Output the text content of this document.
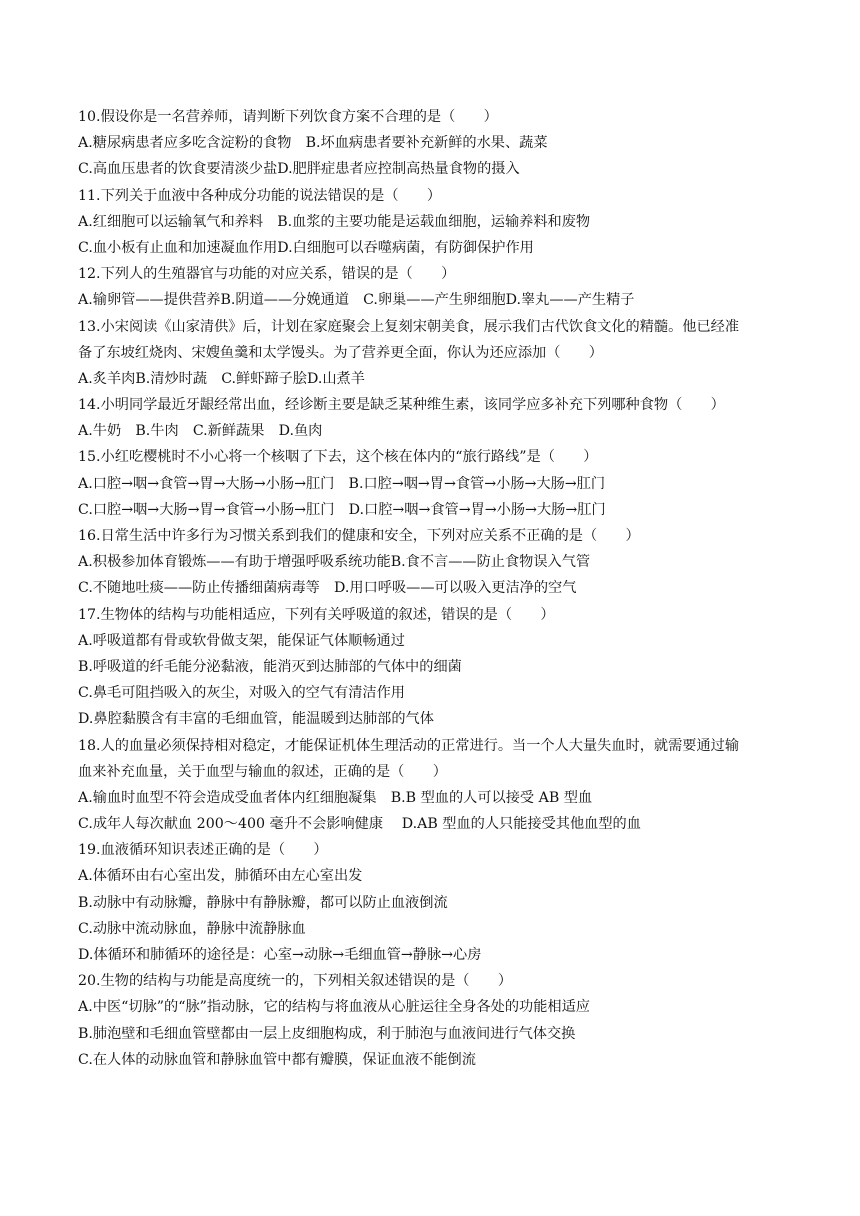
10.假设你是一名营养师，请判断下列饮食方案不合理的是（　　）
A.糖尿病患者应多吃含淀粉的食物　B.坏血病患者要补充新鲜的水果、蔬菜
C.高血压患者的饮食要清淡少盐D.肥胖症患者应控制高热量食物的摄入
11.下列关于血液中各种成分功能的说法错误的是（　　）
A.红细胞可以运输氧气和养料　B.血浆的主要功能是运载血细胞，运输养料和废物
C.血小板有止血和加速凝血作用D.白细胞可以吞噬病菌，有防御保护作用
12.下列人的生殖器官与功能的对应关系，错误的是（　　）
A.输卵管——提供营养B.阴道——分娩通道　C.卵巢——产生卵细胞D.睾丸——产生精子
13.小宋阅读《山家清供》后，计划在家庭聚会上复刻宋朝美食，展示我们古代饮食文化的精髓。他已经准
备了东坡红烧肉、宋嫂鱼羹和太学馒头。为了营养更全面，你认为还应添加（　　）
A.炙羊肉B.清炒时蔬　C.鲜虾蹄子脍D.山煮羊
14.小明同学最近牙龈经常出血，经诊断主要是缺乏某种维生素，该同学应多补充下列哪种食物（　　）
A.牛奶　B.牛肉　C.新鲜蔬果　D.鱼肉
15.小红吃樱桃时不小心将一个核咽了下去，这个核在体内的“旅行路线”是（　　）
A.口腔→咽→食管→胃→大肠→小肠→肛门　B.口腔→咽→胃→食管→小肠→大肠→肛门
C.口腔→咽→大肠→胃→食管→小肠→肛门　D.口腔→咽→食管→胃→小肠→大肠→肛门
16.日常生活中许多行为习惯关系到我们的健康和安全，下列对应关系不正确的是（　　）
A.积极参加体育锻炼——有助于增强呼吸系统功能B.食不言——防止食物误入气管
C.不随地吐痰——防止传播细菌病毒等　D.用口呼吸——可以吸入更洁净的空气
17.生物体的结构与功能相适应，下列有关呼吸道的叙述，错误的是（　　）
A.呼吸道都有骨或软骨做支架，能保证气体顺畅通过
B.呼吸道的纤毛能分泌黏液，能消灭到达肺部的气体中的细菌
C.鼻毛可阻挡吸入的灰尘，对吸入的空气有清洁作用
D.鼻腔黏膜含有丰富的毛细血管，能温暖到达肺部的气体
18.人的血量必须保持相对稳定，才能保证机体生理活动的正常进行。当一个人大量失血时，就需要通过输
血来补充血量，关于血型与输血的叙述，正确的是（　　）
A.输血时血型不符会造成受血者体内红细胞凝集　B.B 型血的人可以接受 AB 型血
C.成年人每次献血 200～400 毫升不会影响健康　 D.AB 型血的人只能接受其他血型的血
19.血液循环知识表述正确的是（　　）
A.体循环由右心室出发，肺循环由左心室出发
B.动脉中有动脉瓣，静脉中有静脉瓣，都可以防止血液倒流
C.动脉中流动脉血，静脉中流静脉血
D.体循环和肺循环的途径是：心室→动脉→毛细血管→静脉→心房
20.生物的结构与功能是高度统一的，下列相关叙述错误的是（　　）
A.中医“切脉”的“脉”指动脉，它的结构与将血液从心脏运往全身各处的功能相适应
B.肺泡壁和毛细血管壁都由一层上皮细胞构成，利于肺泡与血液间进行气体交换
C.在人体的动脉血管和静脉血管中都有瓣膜，保证血液不能倒流
